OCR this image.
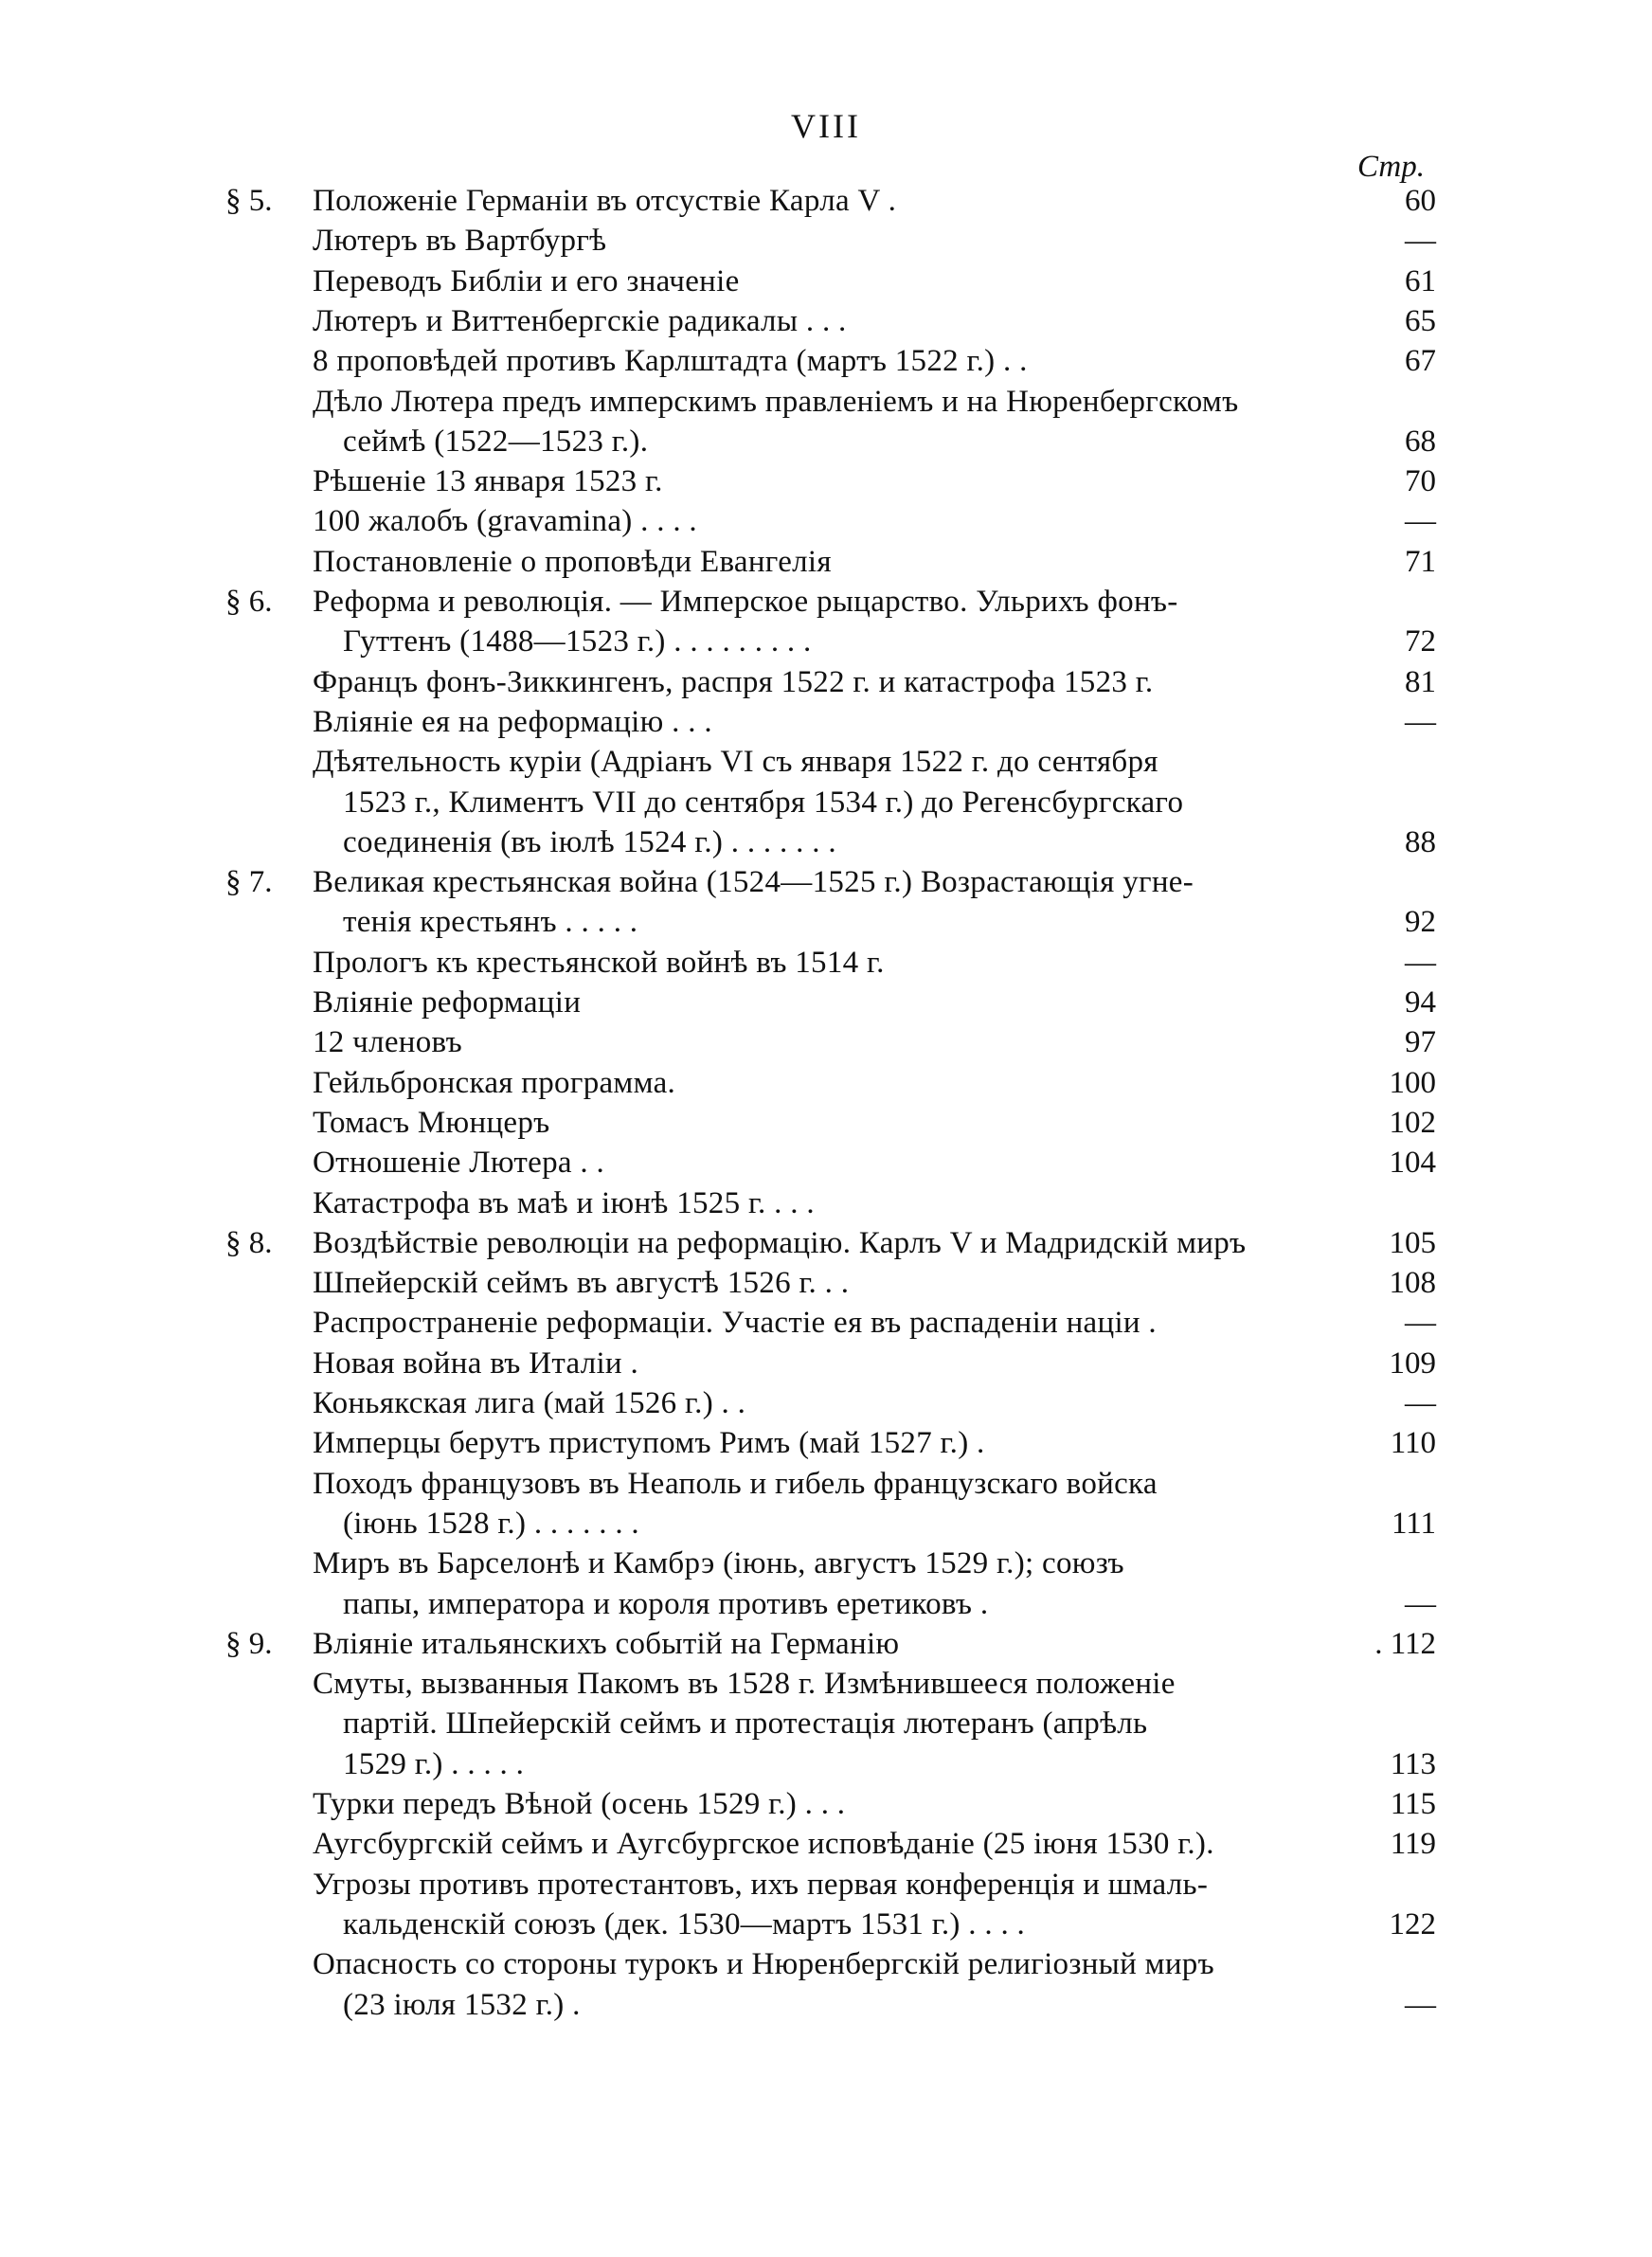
VIII
Стр.
§ 5. Положеніе Германіи въ отсуствіе Карла V .	60
Лютеръ въ Вартбургѣ	—
Переводъ Библіи и его значеніе	61
Лютеръ и Виттенбергскіе радикалы . . .	65
8 проповѣдей противъ Карлштадта (мартъ 1522 г.) . .	67
Дѣло Лютера предъ имперскимъ правленіемъ и на Нюренбергскомъ
сеймѣ (1522—1523 г.).	68
Рѣшеніе 13 января 1523 г.	70
100 жалобъ (gravamina) . . . .	—
Постановленіе о проповѣди Евангелія	71
§ 6. Реформа и революція. — Имперское рыцарство. Ульрихъ фонъ-
Гуттенъ (1488—1523 г.) . . . . . . . . .	72
Францъ фонъ-Зиккингенъ, распря 1522 г. и катастрофа 1523 г.	81
Вліяніе ея на реформацію . . .	—
Дѣятельность куріи (Адріанъ VI съ января 1522 г. до сентября
1523 г., Климентъ VII до сентября 1534 г.) до Регенсбургскаго
соединенія (въ іюлѣ 1524 г.) . . . . . . .	88
§ 7. Великая крестьянская война (1524—1525 г.) Возрастающія угне-
тенія крестьянъ . . . . .	92
Прологъ къ крестьянской войнѣ въ 1514 г.	—
Вліяніе реформаціи	94
12 членовъ	97
Гейльбронская программа.	100
Томасъ Мюнцеръ	102
Отношеніе Лютера . .	104
Катастрофа въ маѣ и іюнѣ 1525 г. . . .
§ 8. Воздѣйствіе революціи на реформацію. Карлъ V и Мадридскій миръ	105
Шпейерскій сеймъ въ августѣ 1526 г. . .	108
Распространеніе реформаціи. Участіе ея въ распаденіи націи .	—
Новая война въ Италіи .	109
Коньякская лига (май 1526 г.) . .	—
Имперцы берутъ приступомъ Римъ (май 1527 г.) .	110
Походъ французовъ въ Неаполь и гибель французскаго войска
(іюнь 1528 г.) . . . . . . .	111
Миръ въ Барселонѣ и Камбрэ (іюнь, августъ 1529 г.); союзъ
папы, императора и короля противъ еретиковъ .	—
§ 9. Вліяніе итальянскихъ событій на Германію	. 112
Смуты, вызванныя Пакомъ въ 1528 г. Измѣнившееся положеніе
партій. Шпейерскій сеймъ и протестація лютеранъ (апрѣль
1529 г.) . . . . .	113
Турки передъ Вѣной (осень 1529 г.) . . .	115
Аугсбургскій сеймъ и Аугсбургское исповѣданіе (25 іюня 1530 г.).	119
Угрозы противъ протестантовъ, ихъ первая конференція и шмаль-
кальденскій союзъ (дек. 1530—мартъ 1531 г.) . . . .	122
Опасность со стороны турокъ и Нюренбергскій религіозный миръ
(23 іюля 1532 г.) .	—
